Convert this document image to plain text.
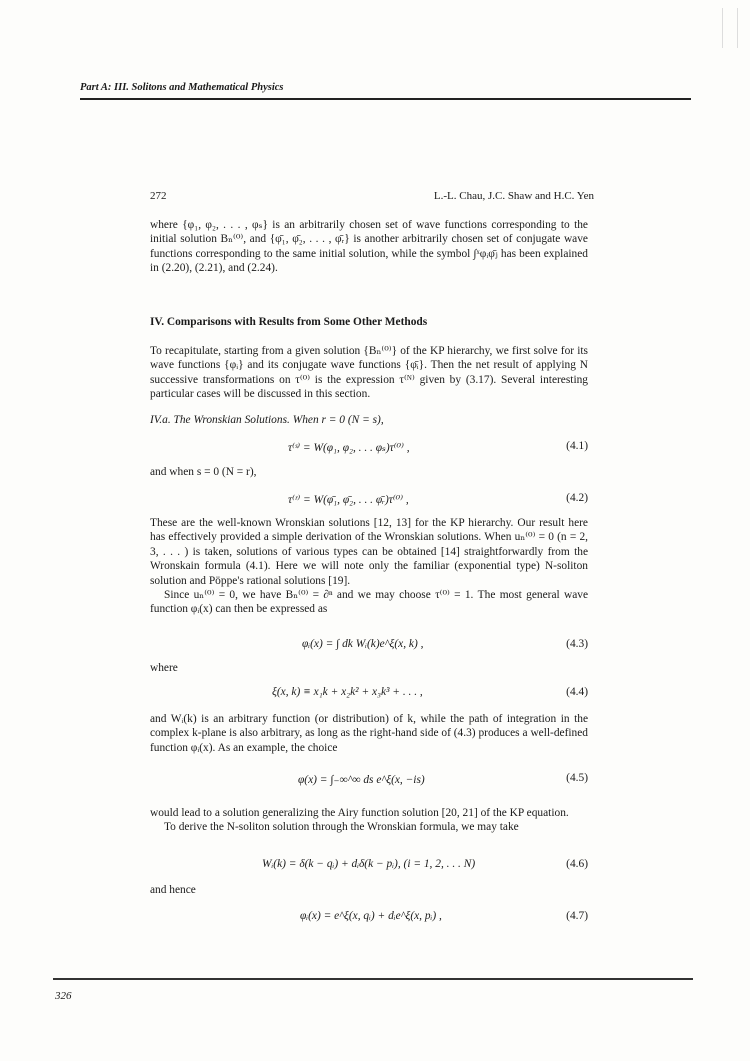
Part A: III. Solitons and Mathematical Physics
272	L.-L. Chau, J.C. Shaw and H.C. Yen

where {φ₁, φ₂, . . . , φₛ} is an arbitrarily chosen set of wave functions corresponding to the initial solution Bₙ⁽⁰⁾, and {φ̄₁, φ̄₂, . . . , φ̄ᵣ} is another arbitrarily chosen set of conjugate wave functions corresponding to the same initial solution, while the symbol ∫ˣφᵢφ̄ⱼ has been explained in (2.20), (2.21), and (2.24).

IV. Comparisons with Results from Some Other Methods

To recapitulate, starting from a given solution {Bₙ⁽⁰⁾} of the KP hierarchy, we first solve for its wave functions {φᵢ} and its conjugate wave functions {φ̄ᵢ}. Then the net result of applying N successive transformations on τ⁽⁰⁾ is the expression τ⁽ᴺ⁾ given by (3.17). Several interesting particular cases will be discussed in this section.

IV.a. The Wronskian Solutions. When r = 0 (N = s),
τ⁽ˢ⁾ = W(φ₁, φ₂, . . . φₛ)τ⁽⁰⁾ ,	(4.1)
and when s = 0 (N = r),
τ⁽ʳ⁾ = W(φ̄₁, φ̄₂, . . . φ̄ᵣ)τ⁽⁰⁾ ,	(4.2)

These are the well-known Wronskian solutions [12, 13] for the KP hierarchy. Our result here has effectively provided a simple derivation of the Wronskian solutions. When uₙ⁽⁰⁾ = 0 (n = 2, 3, . . . ) is taken, solutions of various types can be obtained [14] straightforwardly from the Wronskain formula (4.1). Here we will note only the familiar (exponential type) N-soliton solution and Pöppe's rational solutions [19].

Since uₙ⁽⁰⁾ = 0, we have Bₙ⁽⁰⁾ = ∂ⁿ and we may choose τ⁽⁰⁾ = 1. The most general wave function φᵢ(x) can then be expressed as

φᵢ(x) = ∫ dk Wᵢ(k)e^ξ(x, k) ,	(4.3)
where
ξ(x, k) ≡ x₁k + x₂k² + x₃k³ + . . . ,	(4.4)

and Wᵢ(k) is an arbitrary function (or distribution) of k, while the path of integration in the complex k-plane is also arbitrary, as long as the right-hand side of (4.3) produces a well-defined function φᵢ(x). As an example, the choice

φ(x) = ∫₋∞^∞ ds e^ξ(x, −is)	(4.5)

would lead to a solution generalizing the Airy function solution [20, 21] of the KP equation.

To derive the N-soliton solution through the Wronskian formula, we may take

Wᵢ(k) = δ(k − qᵢ) + dᵢδ(k − pᵢ), (i = 1, 2, . . . N)	(4.6)
and hence
φᵢ(x) = e^ξ(x, qᵢ) + dᵢe^ξ(x, pᵢ) ,	(4.7)
326
